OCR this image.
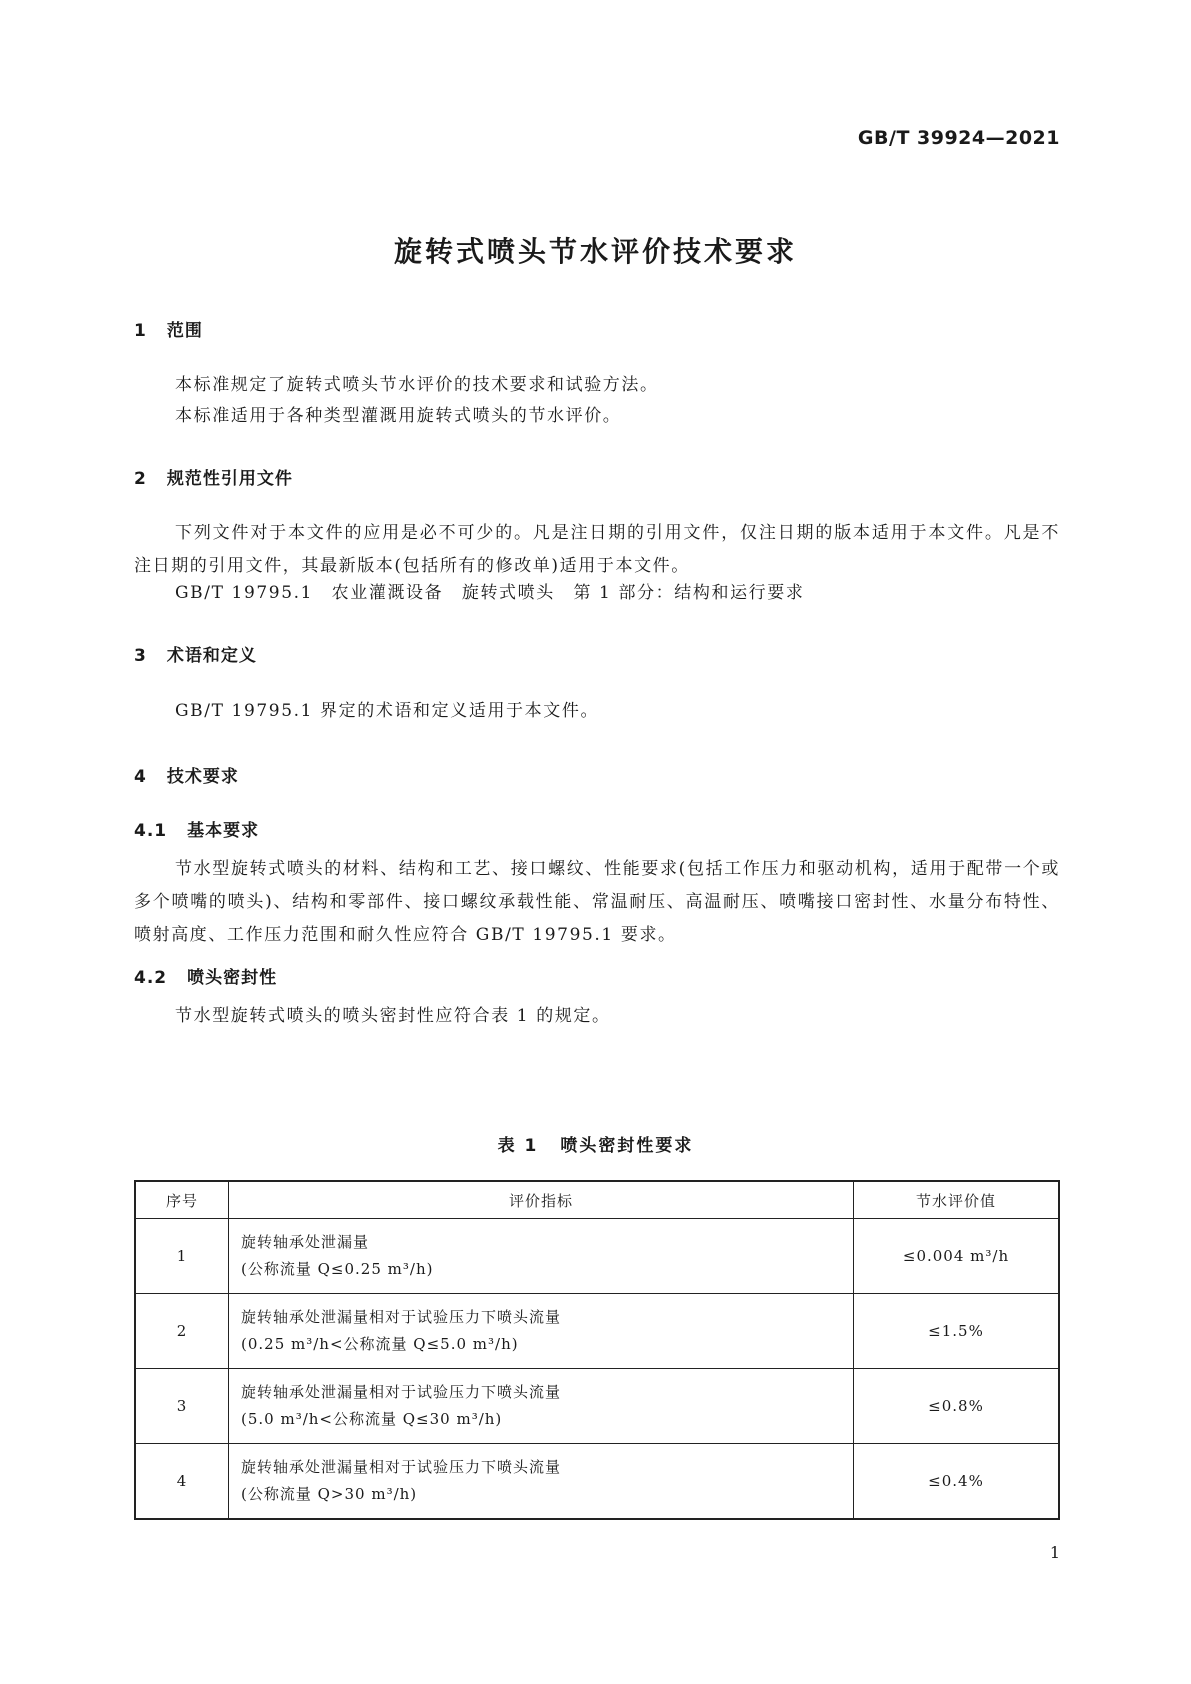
GB/T 39924—2021
旋转式喷头节水评价技术要求
1 范围
本标准规定了旋转式喷头节水评价的技术要求和试验方法。
本标准适用于各种类型灌溉用旋转式喷头的节水评价。
2 规范性引用文件
下列文件对于本文件的应用是必不可少的。凡是注日期的引用文件，仅注日期的版本适用于本文件。凡是不注日期的引用文件，其最新版本(包括所有的修改单)适用于本文件。
GB/T 19795.1　农业灌溉设备　旋转式喷头　第 1 部分：结构和运行要求
3 术语和定义
GB/T 19795.1 界定的术语和定义适用于本文件。
4 技术要求
4.1 基本要求
节水型旋转式喷头的材料、结构和工艺、接口螺纹、性能要求(包括工作压力和驱动机构，适用于配带一个或多个喷嘴的喷头)、结构和零部件、接口螺纹承载性能、常温耐压、高温耐压、喷嘴接口密封性、水量分布特性、喷射高度、工作压力范围和耐久性应符合 GB/T 19795.1 要求。
4.2 喷头密封性
节水型旋转式喷头的喷头密封性应符合表 1 的规定。
表 1 喷头密封性要求
序号	评价指标	节水评价值
1	旋转轴承处泄漏量
(公称流量 Q≤0.25 m³/h)	≤0.004 m³/h
2	旋转轴承处泄漏量相对于试验压力下喷头流量
(0.25 m³/h<公称流量 Q≤5.0 m³/h)	≤1.5%
3	旋转轴承处泄漏量相对于试验压力下喷头流量
(5.0 m³/h<公称流量 Q≤30 m³/h)	≤0.8%
4	旋转轴承处泄漏量相对于试验压力下喷头流量
(公称流量 Q>30 m³/h)	≤0.4%
1
